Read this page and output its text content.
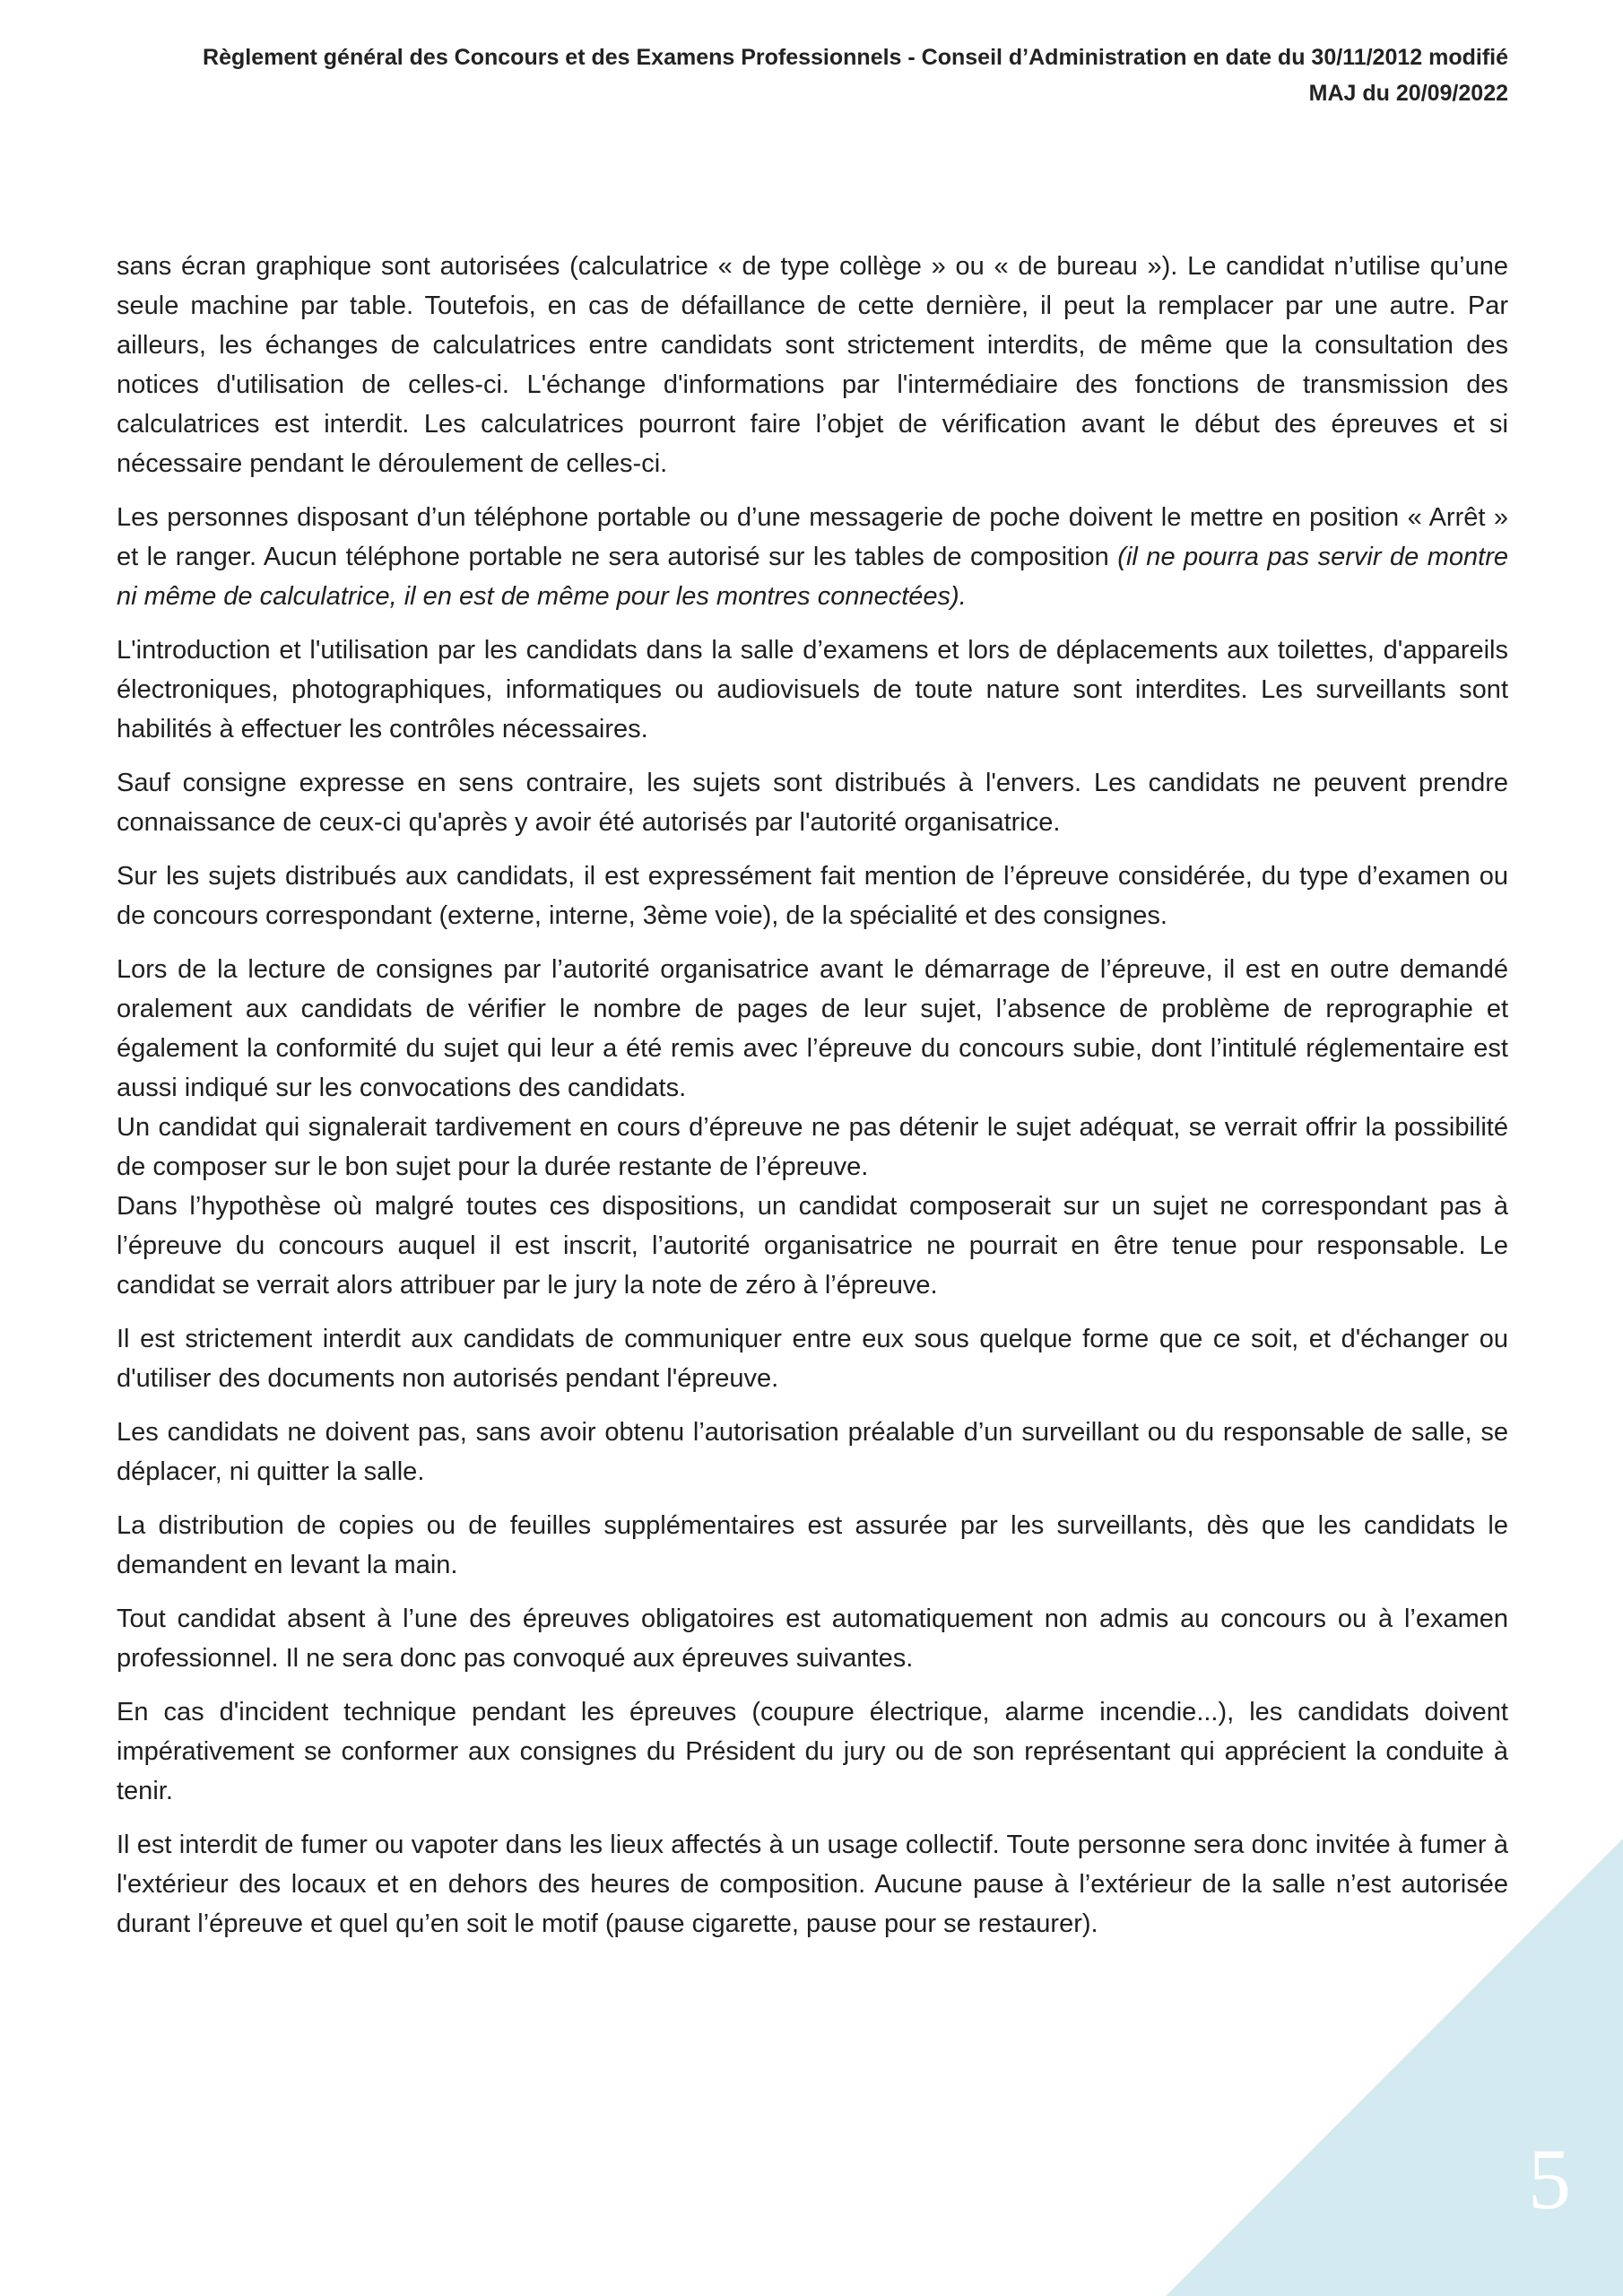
Règlement général des Concours et des Examens Professionnels - Conseil d’Administration en date du 30/11/2012 modifié
MAJ du 20/09/2022

sans écran graphique sont autorisées (calculatrice « de type collège » ou « de bureau »). Le candidat n’utilise qu’une seule machine par table. Toutefois, en cas de défaillance de cette dernière, il peut la remplacer par une autre. Par ailleurs, les échanges de calculatrices entre candidats sont strictement interdits, de même que la consultation des notices d'utilisation de celles-ci. L'échange d'informations par l'intermédiaire des fonctions de transmission des calculatrices est interdit. Les calculatrices pourront faire l’objet de vérification avant le début des épreuves et si nécessaire pendant le déroulement de celles-ci.

Les personnes disposant d’un téléphone portable ou d’une messagerie de poche doivent le mettre en position « Arrêt » et le ranger. Aucun téléphone portable ne sera autorisé sur les tables de composition (il ne pourra pas servir de montre ni même de calculatrice, il en est de même pour les montres connectées).

L'introduction et l'utilisation par les candidats dans la salle d’examens et lors de déplacements aux toilettes, d'appareils électroniques, photographiques, informatiques ou audiovisuels de toute nature sont interdites. Les surveillants sont habilités à effectuer les contrôles nécessaires.

Sauf consigne expresse en sens contraire, les sujets sont distribués à l'envers. Les candidats ne peuvent prendre connaissance de ceux-ci qu'après y avoir été autorisés par l'autorité organisatrice.

Sur les sujets distribués aux candidats, il est expressément fait mention de l’épreuve considérée, du type d’examen ou de concours correspondant (externe, interne, 3ème voie), de la spécialité et des consignes.

Lors de la lecture de consignes par l’autorité organisatrice avant le démarrage de l’épreuve, il est en outre demandé oralement aux candidats de vérifier le nombre de pages de leur sujet, l’absence de problème de reprographie et également la conformité du sujet qui leur a été remis avec l’épreuve du concours subie, dont l’intitulé réglementaire est aussi indiqué sur les convocations des candidats.

Un candidat qui signalerait tardivement en cours d’épreuve ne pas détenir le sujet adéquat, se verrait offrir la possibilité de composer sur le bon sujet pour la durée restante de l’épreuve.

Dans l’hypothèse où malgré toutes ces dispositions, un candidat composerait sur un sujet ne correspondant pas à l’épreuve du concours auquel il est inscrit, l’autorité organisatrice ne pourrait en être tenue pour responsable. Le candidat se verrait alors attribuer par le jury la note de zéro à l’épreuve.

Il est strictement interdit aux candidats de communiquer entre eux sous quelque forme que ce soit, et d'échanger ou d'utiliser des documents non autorisés pendant l'épreuve.

Les candidats ne doivent pas, sans avoir obtenu l’autorisation préalable d’un surveillant ou du responsable de salle, se déplacer, ni quitter la salle.

La distribution de copies ou de feuilles supplémentaires est assurée par les surveillants, dès que les candidats le demandent en levant la main.

Tout candidat absent à l’une des épreuves obligatoires est automatiquement non admis au concours ou à l’examen professionnel. Il ne sera donc pas convoqué aux épreuves suivantes.

En cas d'incident technique pendant les épreuves (coupure électrique, alarme incendie...), les candidats doivent impérativement se conformer aux consignes du Président du jury ou de son représentant qui apprécient la conduite à tenir.

Il est interdit de fumer ou vapoter dans les lieux affectés à un usage collectif. Toute personne sera donc invitée à fumer à l'extérieur des locaux et en dehors des heures de composition. Aucune pause à l’extérieur de la salle n’est autorisée durant l’épreuve et quel qu’en soit le motif (pause cigarette, pause pour se restaurer).

5
